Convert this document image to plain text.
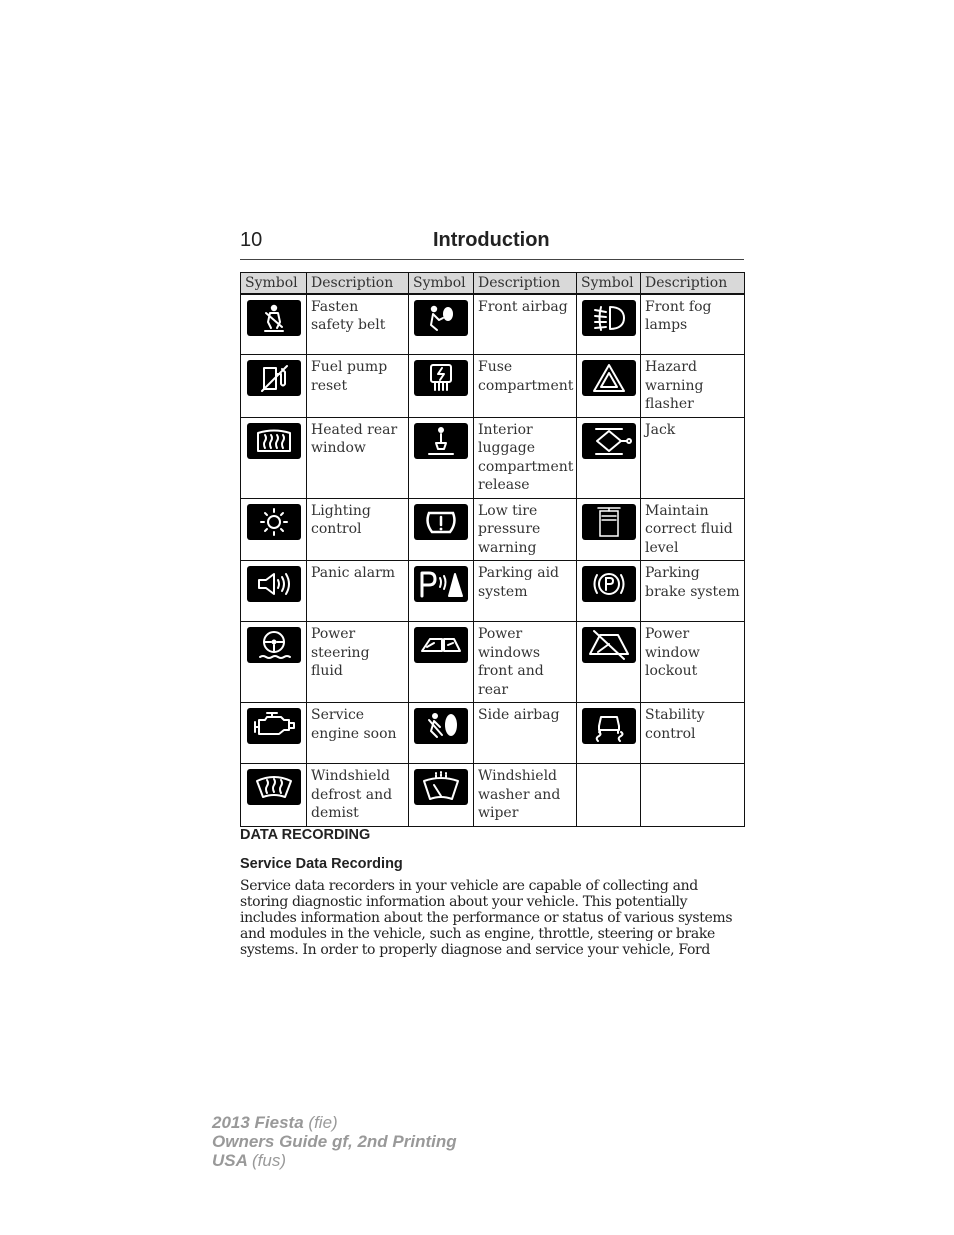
10	Introduction
Symbol	Description	Symbol	Description	Symbol	Description

	Fasten safety belt		Front airbag		Front fog lamps

	Fuel pump reset		Fuse compartment		Hazard warning flasher

	Heated rear window		Interior luggage compartment release		Jack

	Lighting control		Low tire pressure warning		Maintain correct fluid level

	Panic alarm		Parking aid system		Parking brake system

	Power steering fluid		Power windows front and rear		Power window lockout

	Service engine soon		Side airbag		Stability control

	Windshield defrost and demist		Windshield washer and wiper		
DATA RECORDING
Service Data Recording
Service data recorders in your vehicle are capable of collecting and
storing diagnostic information about your vehicle. This potentially
includes information about the performance or status of various systems
and modules in the vehicle, such as engine, throttle, steering or brake
systems. In order to properly diagnose and service your vehicle, Ford
2013 Fiesta (fie)
Owners Guide gf, 2nd Printing
USA (fus)
